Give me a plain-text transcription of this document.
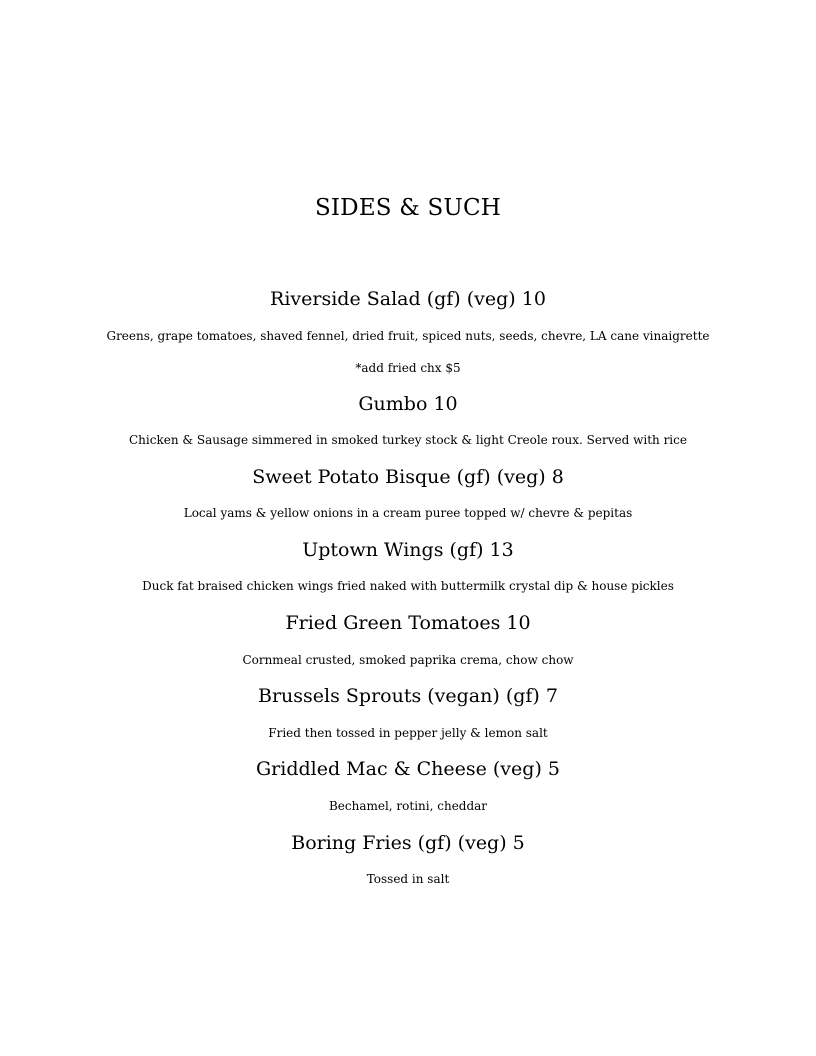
SIDES & SUCH
Riverside Salad (gf) (veg) 10
Greens, grape tomatoes, shaved fennel, dried fruit, spiced nuts, seeds, chevre, LA cane vinaigrette
*add fried chx $5
Gumbo 10
Chicken & Sausage simmered in smoked turkey stock & light Creole roux. Served with rice
Sweet Potato Bisque (gf) (veg) 8
Local yams & yellow onions in a cream puree topped w/ chevre & pepitas
Uptown Wings (gf) 13
Duck fat braised chicken wings fried naked with buttermilk crystal dip & house pickles
Fried Green Tomatoes 10
Cornmeal crusted, smoked paprika crema, chow chow
Brussels Sprouts (vegan) (gf) 7
Fried then tossed in pepper jelly & lemon salt
Griddled Mac & Cheese (veg) 5
Bechamel, rotini, cheddar
Boring Fries (gf) (veg) 5
Tossed in salt
